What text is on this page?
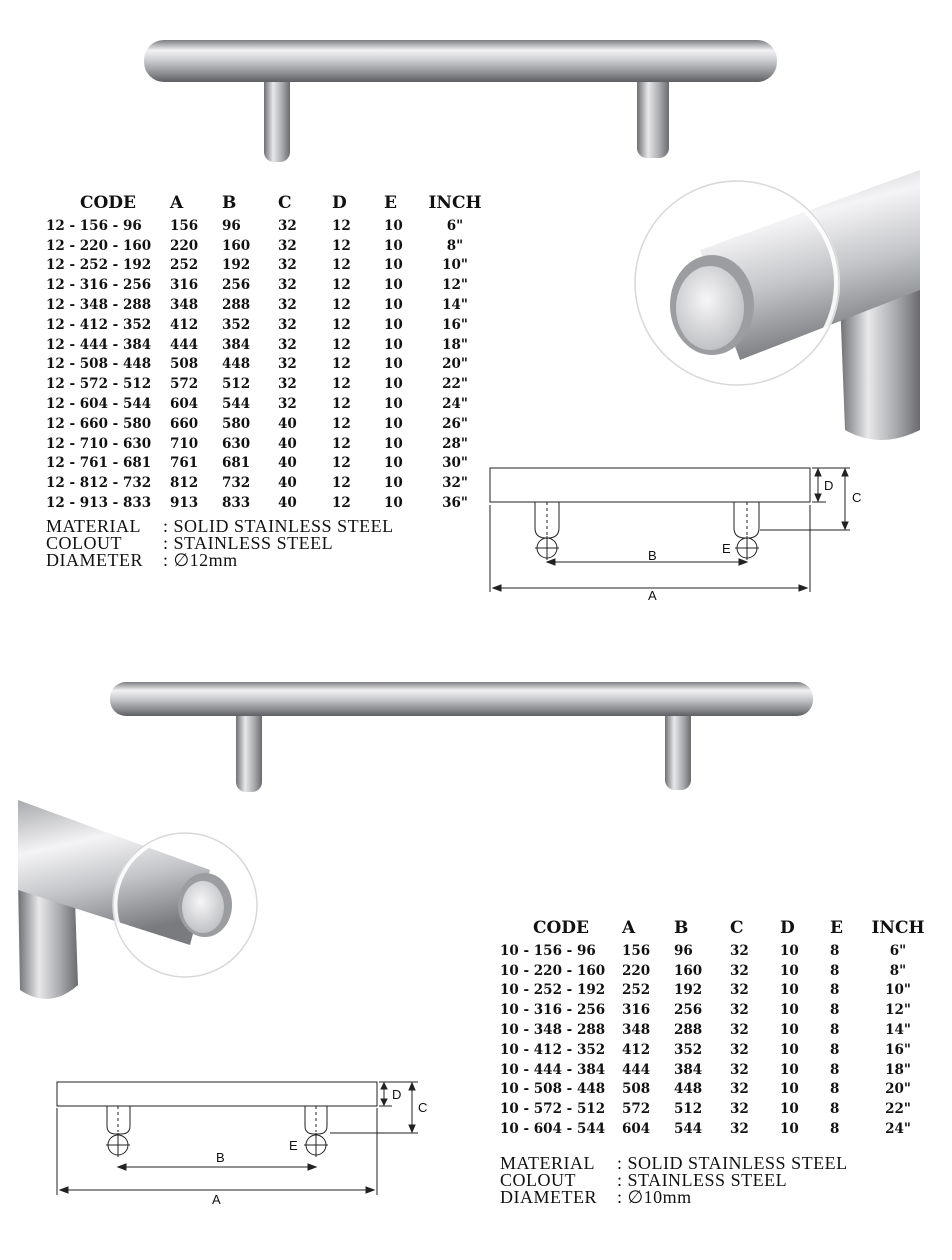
D
C
B	E
A
D
C
B
E
A
CODE	A	B	C	D	E	INCH
12 - 156 - 96	156	96	32	12	10	6"
12 - 220 - 160	220	160	32	12	10	8"
12 - 252 - 192	252	192	32	12	10	10"
12 - 316 - 256	316	256	32	12	10	12"
12 - 348 - 288	348	288	32	12	10	14"
12 - 412 - 352	412	352	32	12	10	16"
12 - 444 - 384	444	384	32	12	10	18"
12 - 508 - 448	508	448	32	12	10	20"
12 - 572 - 512	572	512	32	12	10	22"
12 - 604 - 544	604	544	32	12	10	24"
12 - 660 - 580	660	580	40	12	10	26"
12 - 710 - 630	710	630	40	12	10	28"
12 - 761 - 681	761	681	40	12	10	30"
12 - 812 - 732	812	732	40	12	10	32"
12 - 913 - 833	913	833	40	12	10	36"
MATERIAL : SOLID STAINLESS STEEL
COLOUT : STAINLESS STEEL
DIAMETER : ∅12mm
CODE	A	B	C	D	E	INCH
10 - 156 - 96	156	96	32	10	8	6"
10 - 220 - 160	220	160	32	10	8	8"
10 - 252 - 192	252	192	32	10	8	10"
10 - 316 - 256	316	256	32	10	8	12"
10 - 348 - 288	348	288	32	10	8	14"
10 - 412 - 352	412	352	32	10	8	16"
10 - 444 - 384	444	384	32	10	8	18"
10 - 508 - 448	508	448	32	10	8	20"
10 - 572 - 512	572	512	32	10	8	22"
10 - 604 - 544	604	544	32	10	8	24"
MATERIAL : SOLID STAINLESS STEEL
COLOUT : STAINLESS STEEL
DIAMETER : ∅10mm
